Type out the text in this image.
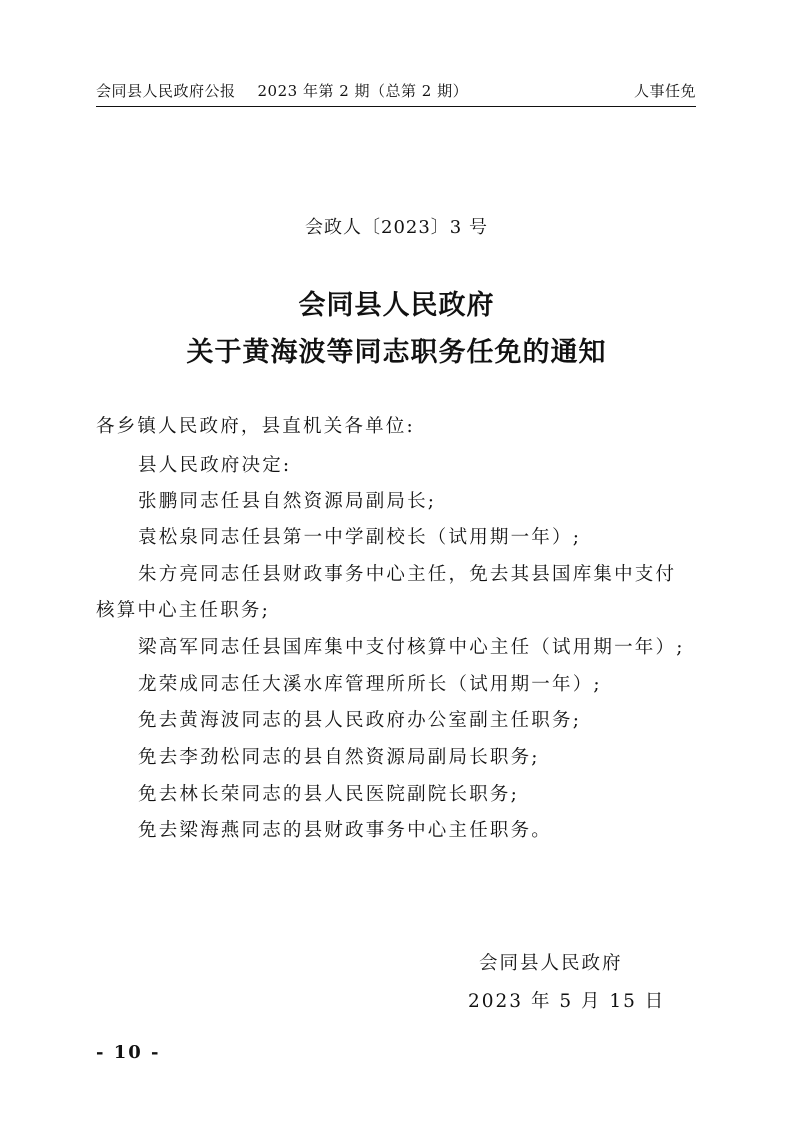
会同县人民政府公报 2023 年第 2 期（总第 2 期）	人事任免
会政人〔2023〕3 号
会同县人民政府
关于黄海波等同志职务任免的通知
各乡镇人民政府，县直机关各单位:
县人民政府决定:
张鹏同志任县自然资源局副局长;
袁松泉同志任县第一中学副校长（试用期一年）;
朱方亮同志任县财政事务中心主任，免去其县国库集中支付
核算中心主任职务;
梁高军同志任县国库集中支付核算中心主任（试用期一年）;
龙荣成同志任大溪水库管理所所长（试用期一年）;
免去黄海波同志的县人民政府办公室副主任职务;
免去李劲松同志的县自然资源局副局长职务;
免去林长荣同志的县人民医院副院长职务;
免去梁海燕同志的县财政事务中心主任职务。
会同县人民政府
2023 年 5 月 15 日
- 10 -
